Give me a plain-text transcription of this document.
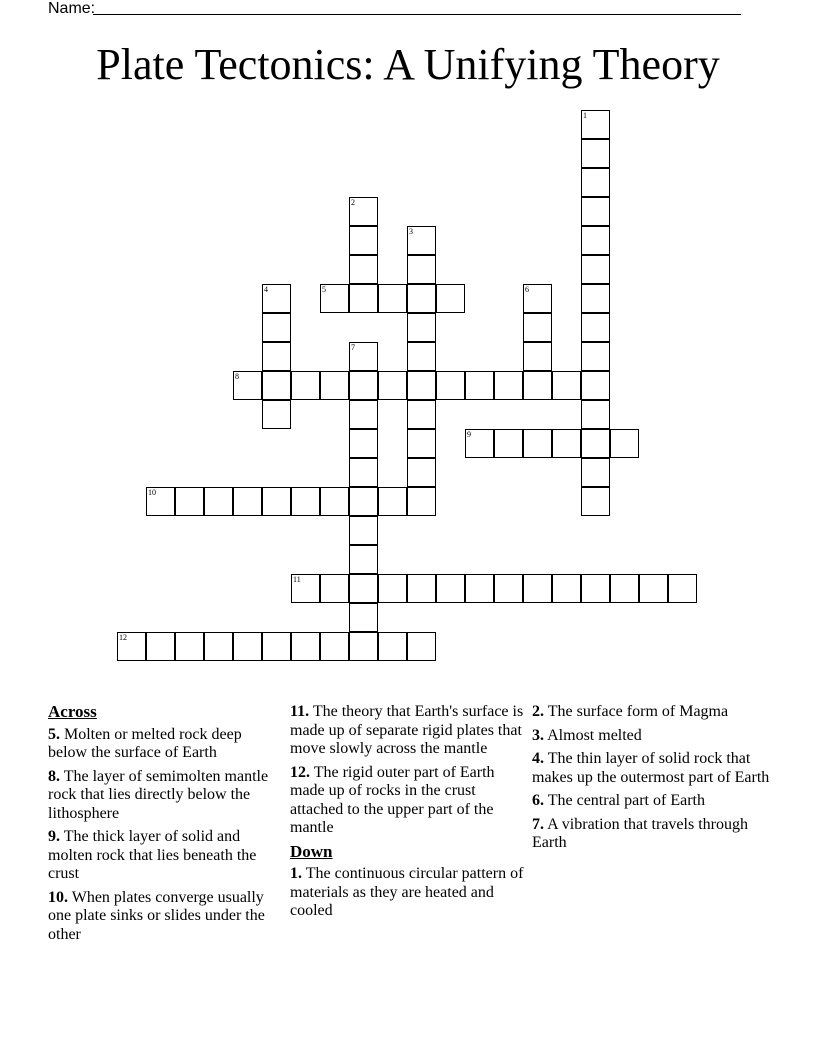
Name:
Plate Tectonics: A Unifying Theory
1
2
3
4	5	6
7
8
9
10
11
12
Across
5. Molten or melted rock deep below the surface of Earth
8. The layer of semimolten mantle rock that lies directly below the lithosphere
9. The thick layer of solid and molten rock that lies beneath the crust
10. When plates converge usually one plate sinks or slides under the other
11. The theory that Earth's surface is made up of separate rigid plates that move slowly across the mantle
12. The rigid outer part of Earth made up of rocks in the crust attached to the upper part of the mantle
Down
1. The continuous circular pattern of materials as they are heated and cooled
2. The surface form of Magma
3. Almost melted
4. The thin layer of solid rock that makes up the outermost part of Earth
6. The central part of Earth
7. A vibration that travels through Earth
